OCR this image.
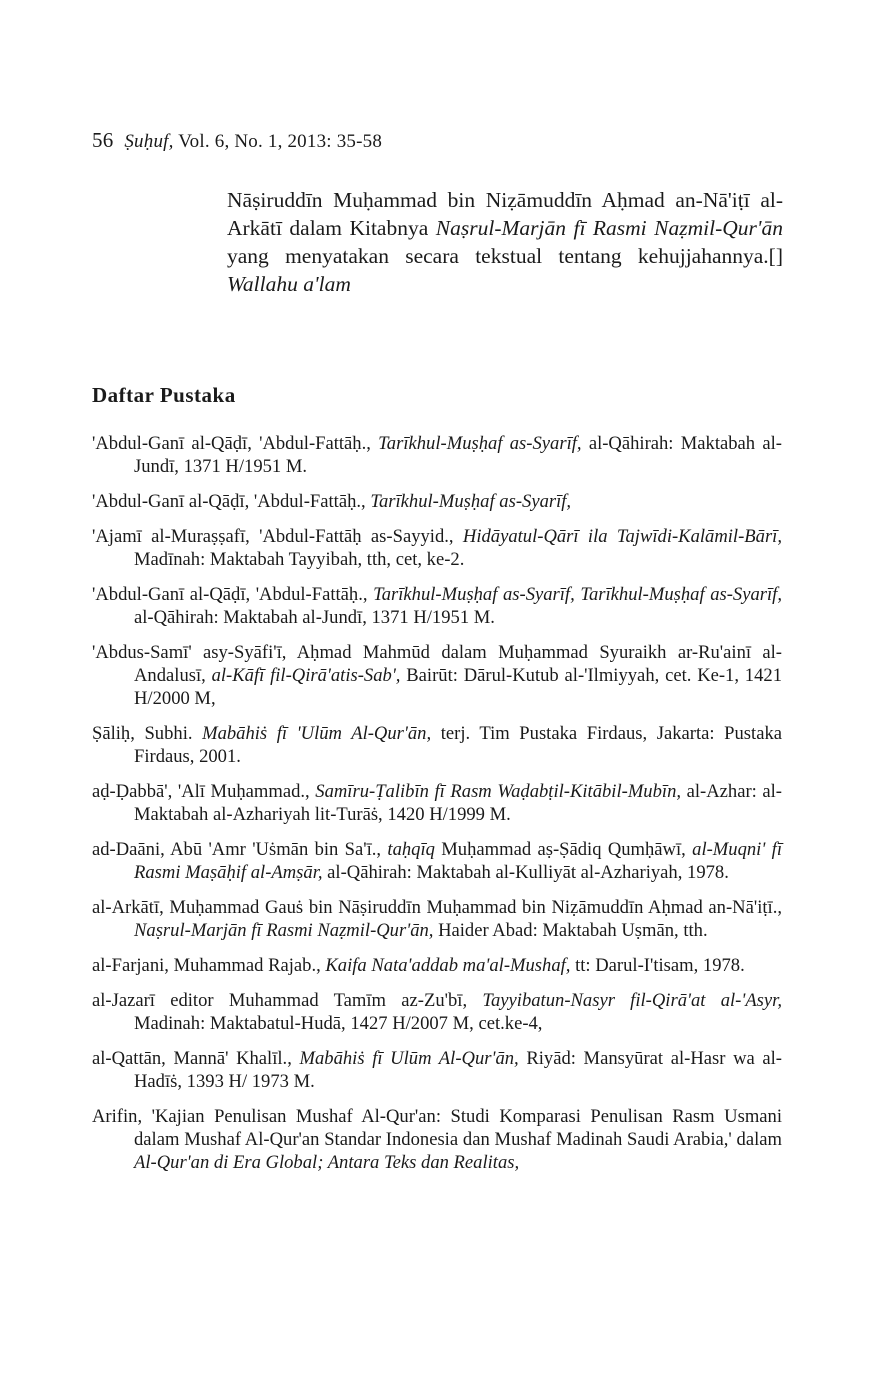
56 Ṣuḥuf, Vol. 6, No. 1, 2013: 35-58
Nāṣiruddīn Muḥammad bin Niẓāmuddīn Aḥmad an-Nā'iṭī al-Arkātī dalam Kitabnya Naṣrul-Marjān fī Rasmi Naẓmil-Qur'ān yang menyatakan secara tekstual tentang kehujjahannya.[] Wallahu a'lam
Daftar Pustaka
'Abdul-Ganī al-Qāḍī, 'Abdul-Fattāḥ., Tarīkhul-Muṣḥaf as-Syarīf, al-Qāhirah: Maktabah al-Jundī, 1371 H/1951 M.
'Abdul-Ganī al-Qāḍī, 'Abdul-Fattāḥ., Tarīkhul-Muṣḥaf as-Syarīf,
'Ajamī al-Muraṣṣafī, 'Abdul-Fattāḥ as-Sayyid., Hidāyatul-Qārī ila Tajwīdi-Kalāmil-Bārī, Madīnah: Maktabah Tayyibah, tth, cet, ke-2.
'Abdul-Ganī al-Qāḍī, 'Abdul-Fattāḥ., Tarīkhul-Muṣḥaf as-Syarīf, Tarīkhul-Muṣḥaf as-Syarīf, al-Qāhirah: Maktabah al-Jundī, 1371 H/1951 M.
'Abdus-Samī' asy-Syāfi'ī, Aḥmad Mahmūd dalam Muḥammad Syuraikh ar-Ru'ainī al-Andalusī, al-Kāfī fil-Qirā'atis-Sab', Bairūt: Dārul-Kutub al-'Ilmiyyah, cet. Ke-1, 1421 H/2000 M,
Ṣāliḥ, Subhi. Mabāhiṡ fī 'Ulūm Al-Qur'ān, terj. Tim Pustaka Firdaus, Jakarta: Pustaka Firdaus, 2001.
aḍ-Ḍabbā', 'Alī Muḥammad., Samīru-Ṭalibīn fī Rasm Waḍabṭil-Kitābil-Mubīn, al-Azhar: al-Maktabah al-Azhariyah lit-Turāṡ, 1420 H/1999 M.
ad-Daāni, Abū 'Amr 'Uṡmān bin Sa'ī., taḥqīq Muḥammad aṣ-Ṣādiq Qumḥāwī, al-Muqni' fī Rasmi Maṣāḥif al-Amṣār, al-Qāhirah: Maktabah al-Kulliyāt al-Azhariyah, 1978.
al-Arkātī, Muḥammad Gauṡ bin Nāṣiruddīn Muḥammad bin Niẓāmuddīn Aḥmad an-Nā'iṭī., Naṣrul-Marjān fī Rasmi Naẓmil-Qur'ān, Haider Abad: Maktabah Uṣmān, tth.
al-Farjani, Muhammad Rajab., Kaifa Nata'addab ma'al-Mushaf, tt: Darul-I'tisam, 1978.
al-Jazarī editor Muhammad Tamīm az-Zu'bī, Tayyibatun-Nasyr fil-Qirā'at al-'Asyr, Madinah: Maktabatul-Hudā, 1427 H/2007 M, cet.ke-4,
al-Qattān, Mannā' Khalīl., Mabāhiṡ fī Ulūm Al-Qur'ān, Riyād: Mansyūrat al-Hasr wa al-Hadīṡ, 1393 H/ 1973 M.
Arifin, 'Kajian Penulisan Mushaf Al-Qur'an: Studi Komparasi Penulisan Rasm Usmani dalam Mushaf Al-Qur'an Standar Indonesia dan Mushaf Madinah Saudi Arabia,' dalam Al-Qur'an di Era Global; Antara Teks dan Realitas,
